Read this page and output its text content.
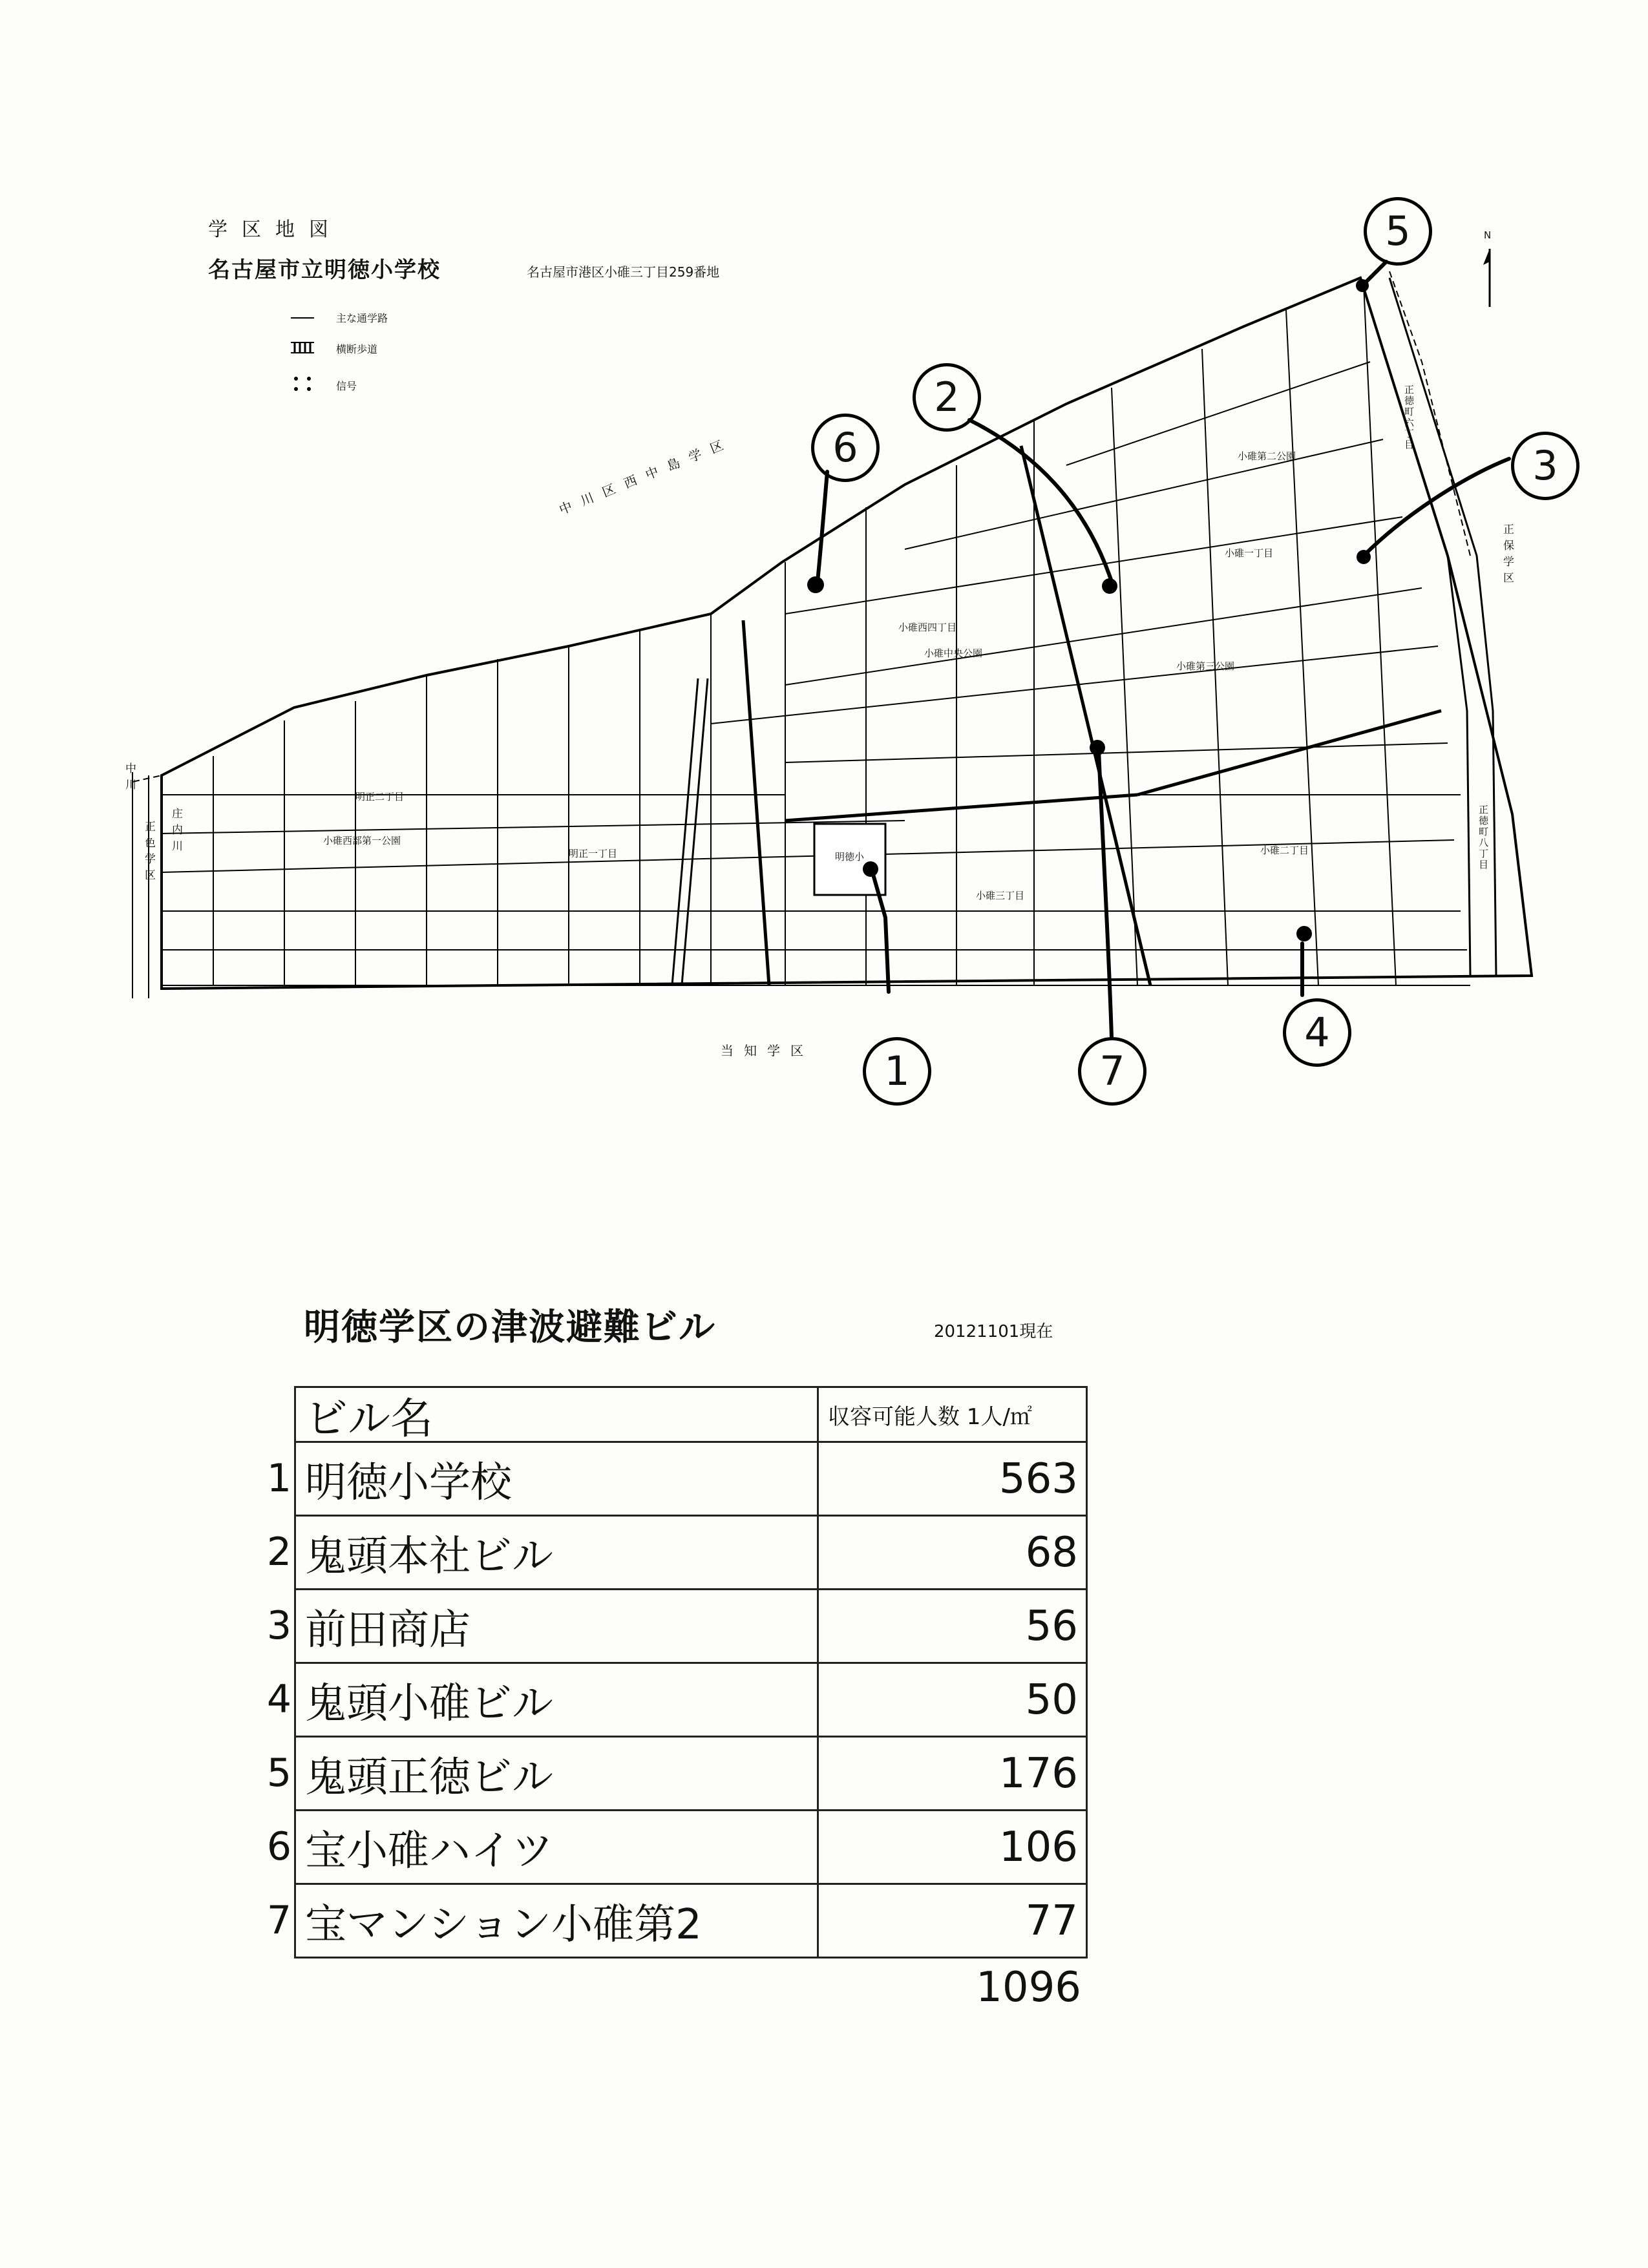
学区地図
名古屋市立明徳小学校	名古屋市港区小碓三丁目259番地
主な通学路
横断歩道
信号
N
中川区西中島学区
当知学区
正保学区
中川
庄内川
正色学区
小碓西四丁目
小碓中央公園
小碓一丁目
小碓第二公園
小碓第三公園
小碓二丁目
小碓三丁目
明徳小
明正二丁目
明正一丁目
小碓西部第一公園
正徳町六丁目
正徳町八丁目
1
2
3
4
5
6
7
明徳学区の津波避難ビル	20121101現在
ビル名	収容可能人数 1人/㎡
1 明徳小学校	563
2 鬼頭本社ビル	68
3 前田商店	56
4 鬼頭小碓ビル	50
5 鬼頭正徳ビル	176
6 宝小碓ハイツ	106
7 宝マンション小碓第2	77
1096
